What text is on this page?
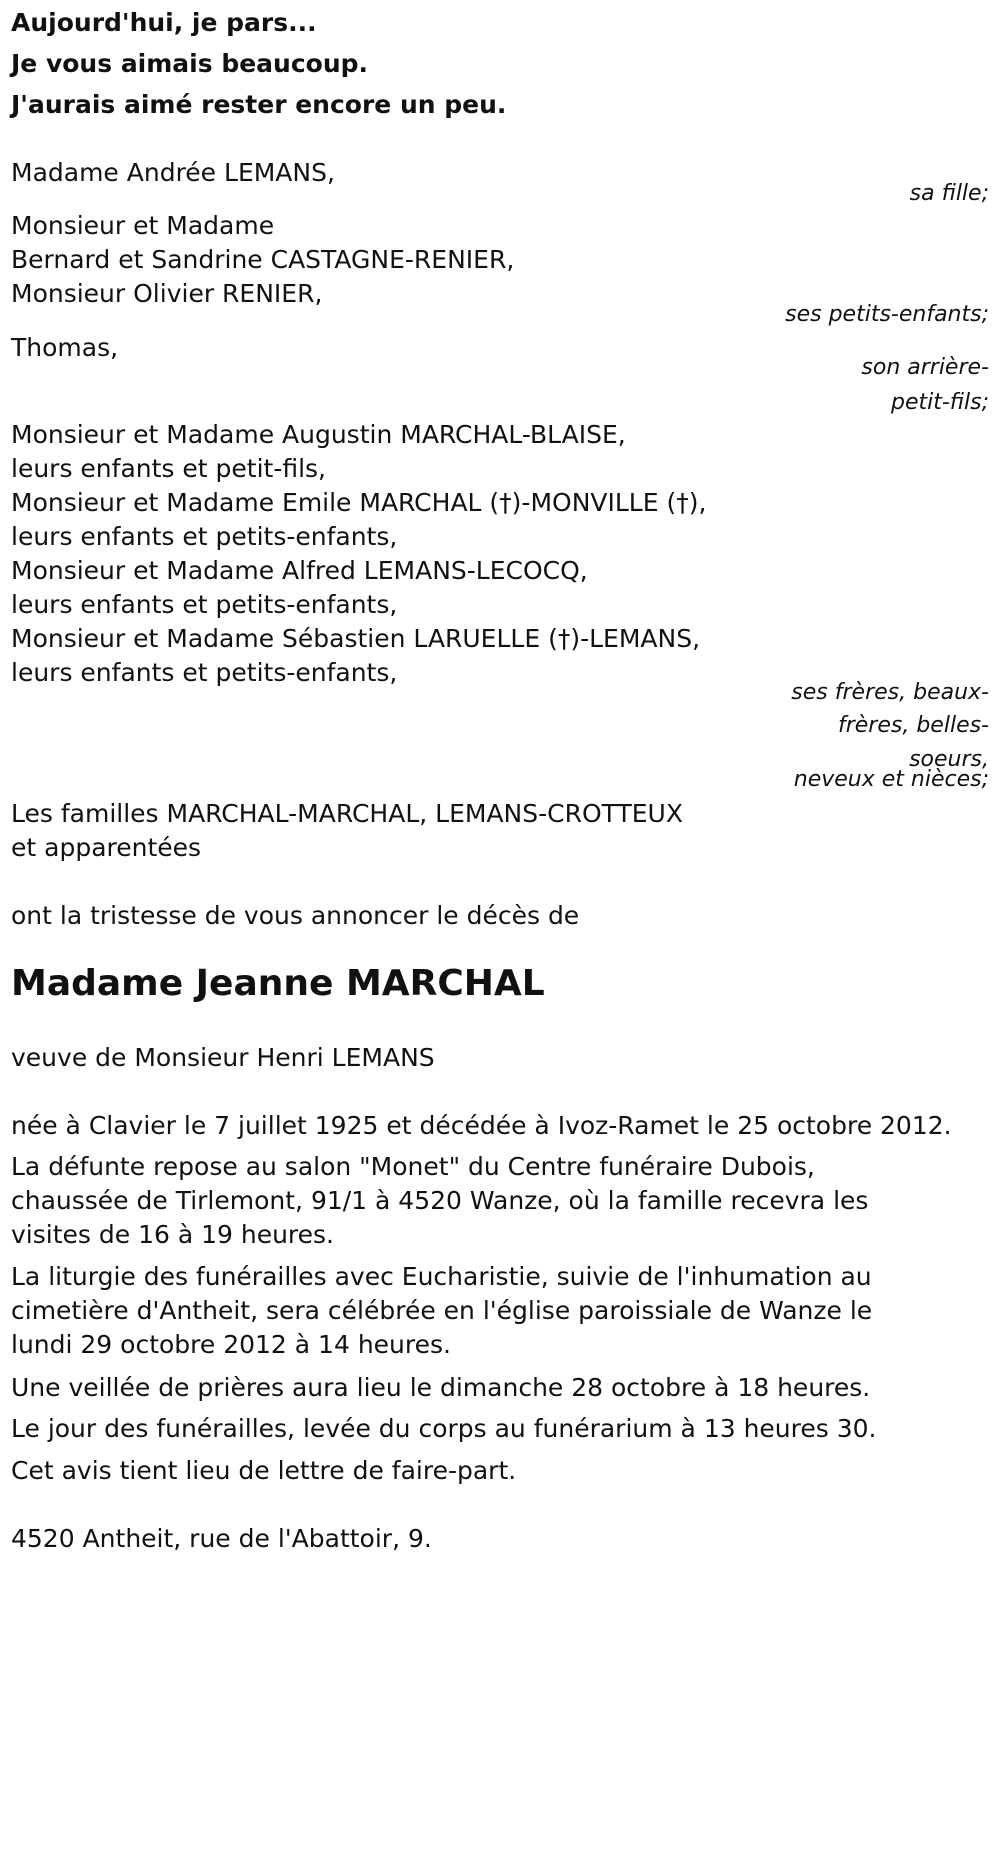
Aujourd'hui, je pars...
Je vous aimais beaucoup.
J'aurais aimé rester encore un peu.
Madame Andrée LEMANS,
sa fille;
Monsieur et Madame
Bernard et Sandrine CASTAGNE-RENIER,
Monsieur Olivier RENIER,
ses petits-enfants;
Thomas,
son arrière-
petit-fils;
Monsieur et Madame Augustin MARCHAL-BLAISE,
leurs enfants et petit-fils,
Monsieur et Madame Emile MARCHAL (†)-MONVILLE (†),
leurs enfants et petits-enfants,
Monsieur et Madame Alfred LEMANS-LECOCQ,
leurs enfants et petits-enfants,
Monsieur et Madame Sébastien LARUELLE (†)-LEMANS,
leurs enfants et petits-enfants,
ses frères, beaux-
frères, belles-
soeurs,
neveux et nièces;
Les familles MARCHAL-MARCHAL, LEMANS-CROTTEUX
et apparentées
ont la tristesse de vous annoncer le décès de
Madame Jeanne MARCHAL
veuve de Monsieur Henri LEMANS
née à Clavier le 7 juillet 1925 et décédée à Ivoz-Ramet le 25 octobre 2012.
La défunte repose au salon "Monet" du Centre funéraire Dubois,
chaussée de Tirlemont, 91/1 à 4520 Wanze, où la famille recevra les
visites de 16 à 19 heures.
La liturgie des funérailles avec Eucharistie, suivie de l'inhumation au
cimetière d'Antheit, sera célébrée en l'église paroissiale de Wanze le
lundi 29 octobre 2012 à 14 heures.
Une veillée de prières aura lieu le dimanche 28 octobre à 18 heures.
Le jour des funérailles, levée du corps au funérarium à 13 heures 30.
Cet avis tient lieu de lettre de faire-part.
4520 Antheit, rue de l'Abattoir, 9.
